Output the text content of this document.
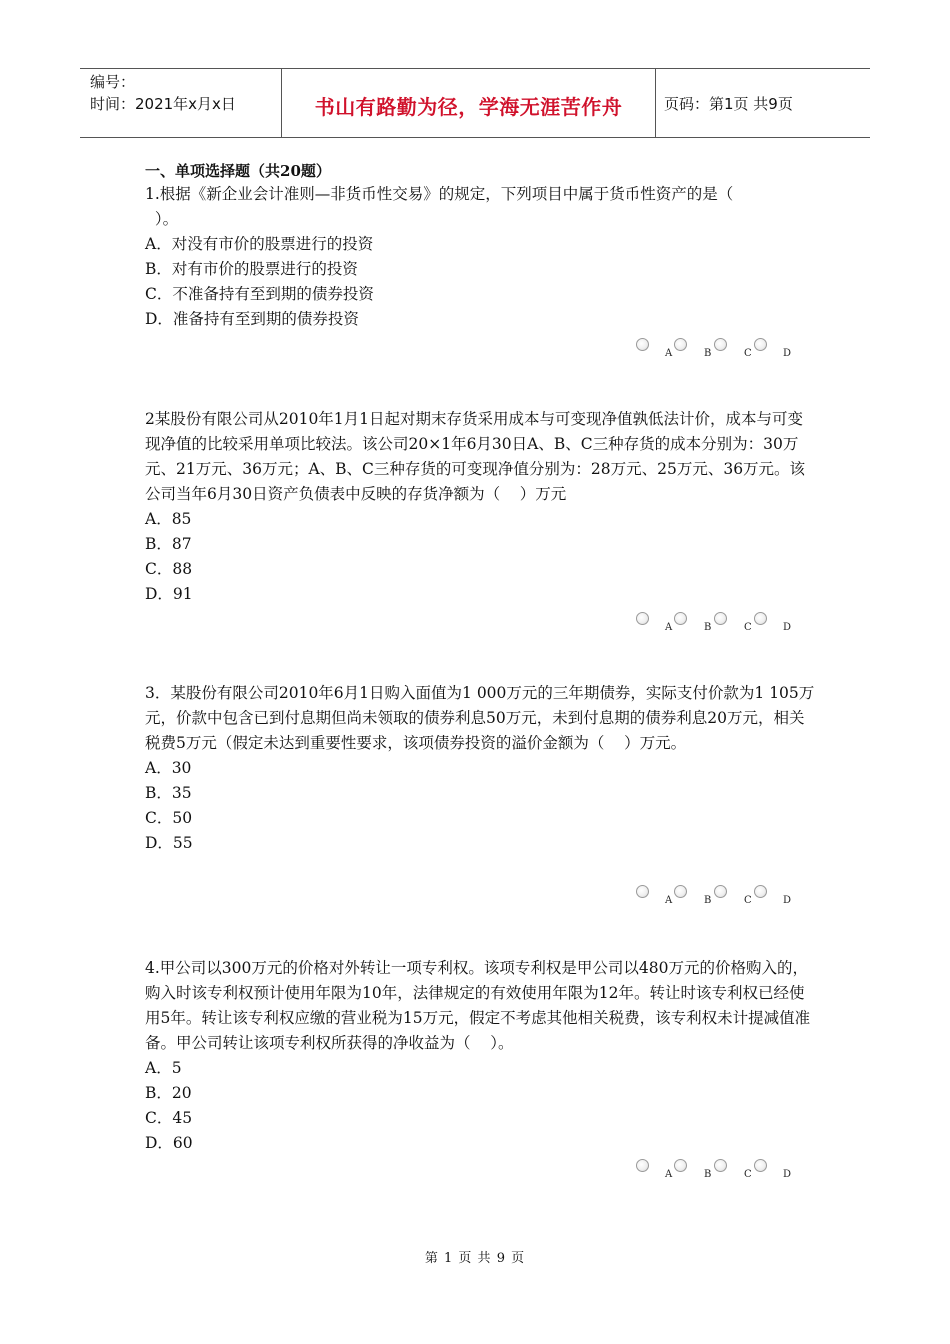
编号：
时间：2021年x月x日	书山有路勤为径，学海无涯苦作舟	页码：第1页 共9页
一、单项选择题（共20题）

1.根据《新企业会计准则—非货币性交易》的规定，下列项目中属于货币性资产的是（
）。

A．对没有市价的股票进行的投资

B．对有市价的股票进行的投资

C．不准备持有至到期的债券投资

D．准备持有至到期的债券投资

A	B	C	D

2某股份有限公司从2010年1月1日起对期末存货采用成本与可变现净值孰低法计价，成本与可变现净值的比较采用单项比较法。该公司20×1年6月30日A、B、C三种存货的成本分别为：30万元、21万元、36万元；A、B、C三种存货的可变现净值分别为：28万元、25万元、36万元。该公司当年6月30日资产负债表中反映的存货净额为（    ）万元

A．85

B．87

C．88

D．91

A	B	C	D

3．某股份有限公司2010年6月1日购入面值为1 000万元的三年期债券，实际支付价款为1 105万元，价款中包含已到付息期但尚未领取的债券利息50万元，未到付息期的债券利息20万元，相关税费5万元（假定未达到重要性要求，该项债券投资的溢价金额为（    ）万元。

A．30

B．35

C．50

D．55

A	B	C	D

4.甲公司以300万元的价格对外转让一项专利权。该项专利权是甲公司以480万元的价格购入的，购入时该专利权预计使用年限为10年，法律规定的有效使用年限为12年。转让时该专利权已经使用5年。转让该专利权应缴的营业税为15万元，假定不考虑其他相关税费，该专利权未计提减值准备。甲公司转让该项专利权所获得的净收益为（    ）。

A．5

B．20

C．45

D．60

A	B	C	D
第 1 页 共 9 页
